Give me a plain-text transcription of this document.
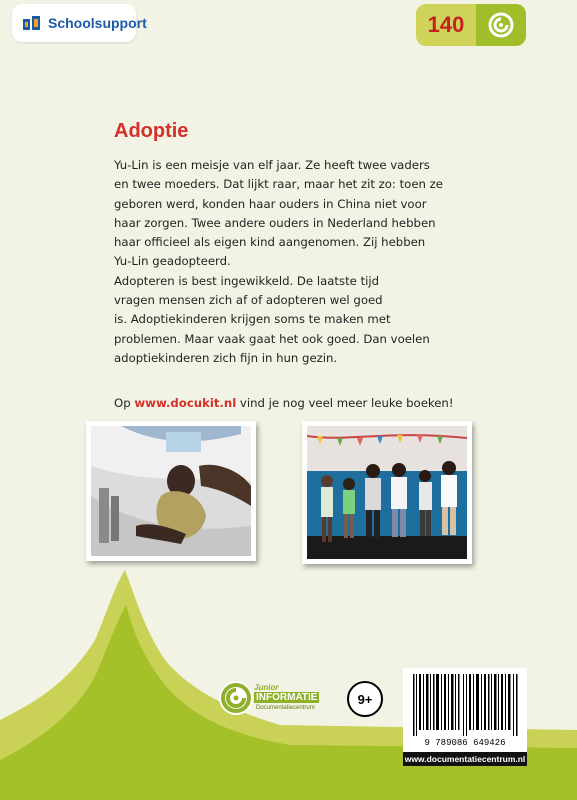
Schoolsupport	140
Adoptie
Yu-Lin is een meisje van elf jaar. Ze heeft twee vaders
en twee moeders. Dat lijkt raar, maar het zit zo: toen ze
geboren werd, konden haar ouders in China niet voor
haar zorgen. Twee andere ouders in Nederland hebben
haar officieel als eigen kind aangenomen. Zij hebben
Yu-Lin geadopteerd.
Adopteren is best ingewikkeld. De laatste tijd
vragen mensen zich af of adopteren wel goed
is. Adoptiekinderen krijgen soms te maken met
problemen. Maar vaak gaat het ook goed. Dan voelen
adoptiekinderen zich fijn in hun gezin.
Op www.docukit.nl vind je nog veel meer leuke boeken!
Junior
INFORMATIE
Documentatiecentrum
9+
9 789086 649426
www.documentatiecentrum.nl
